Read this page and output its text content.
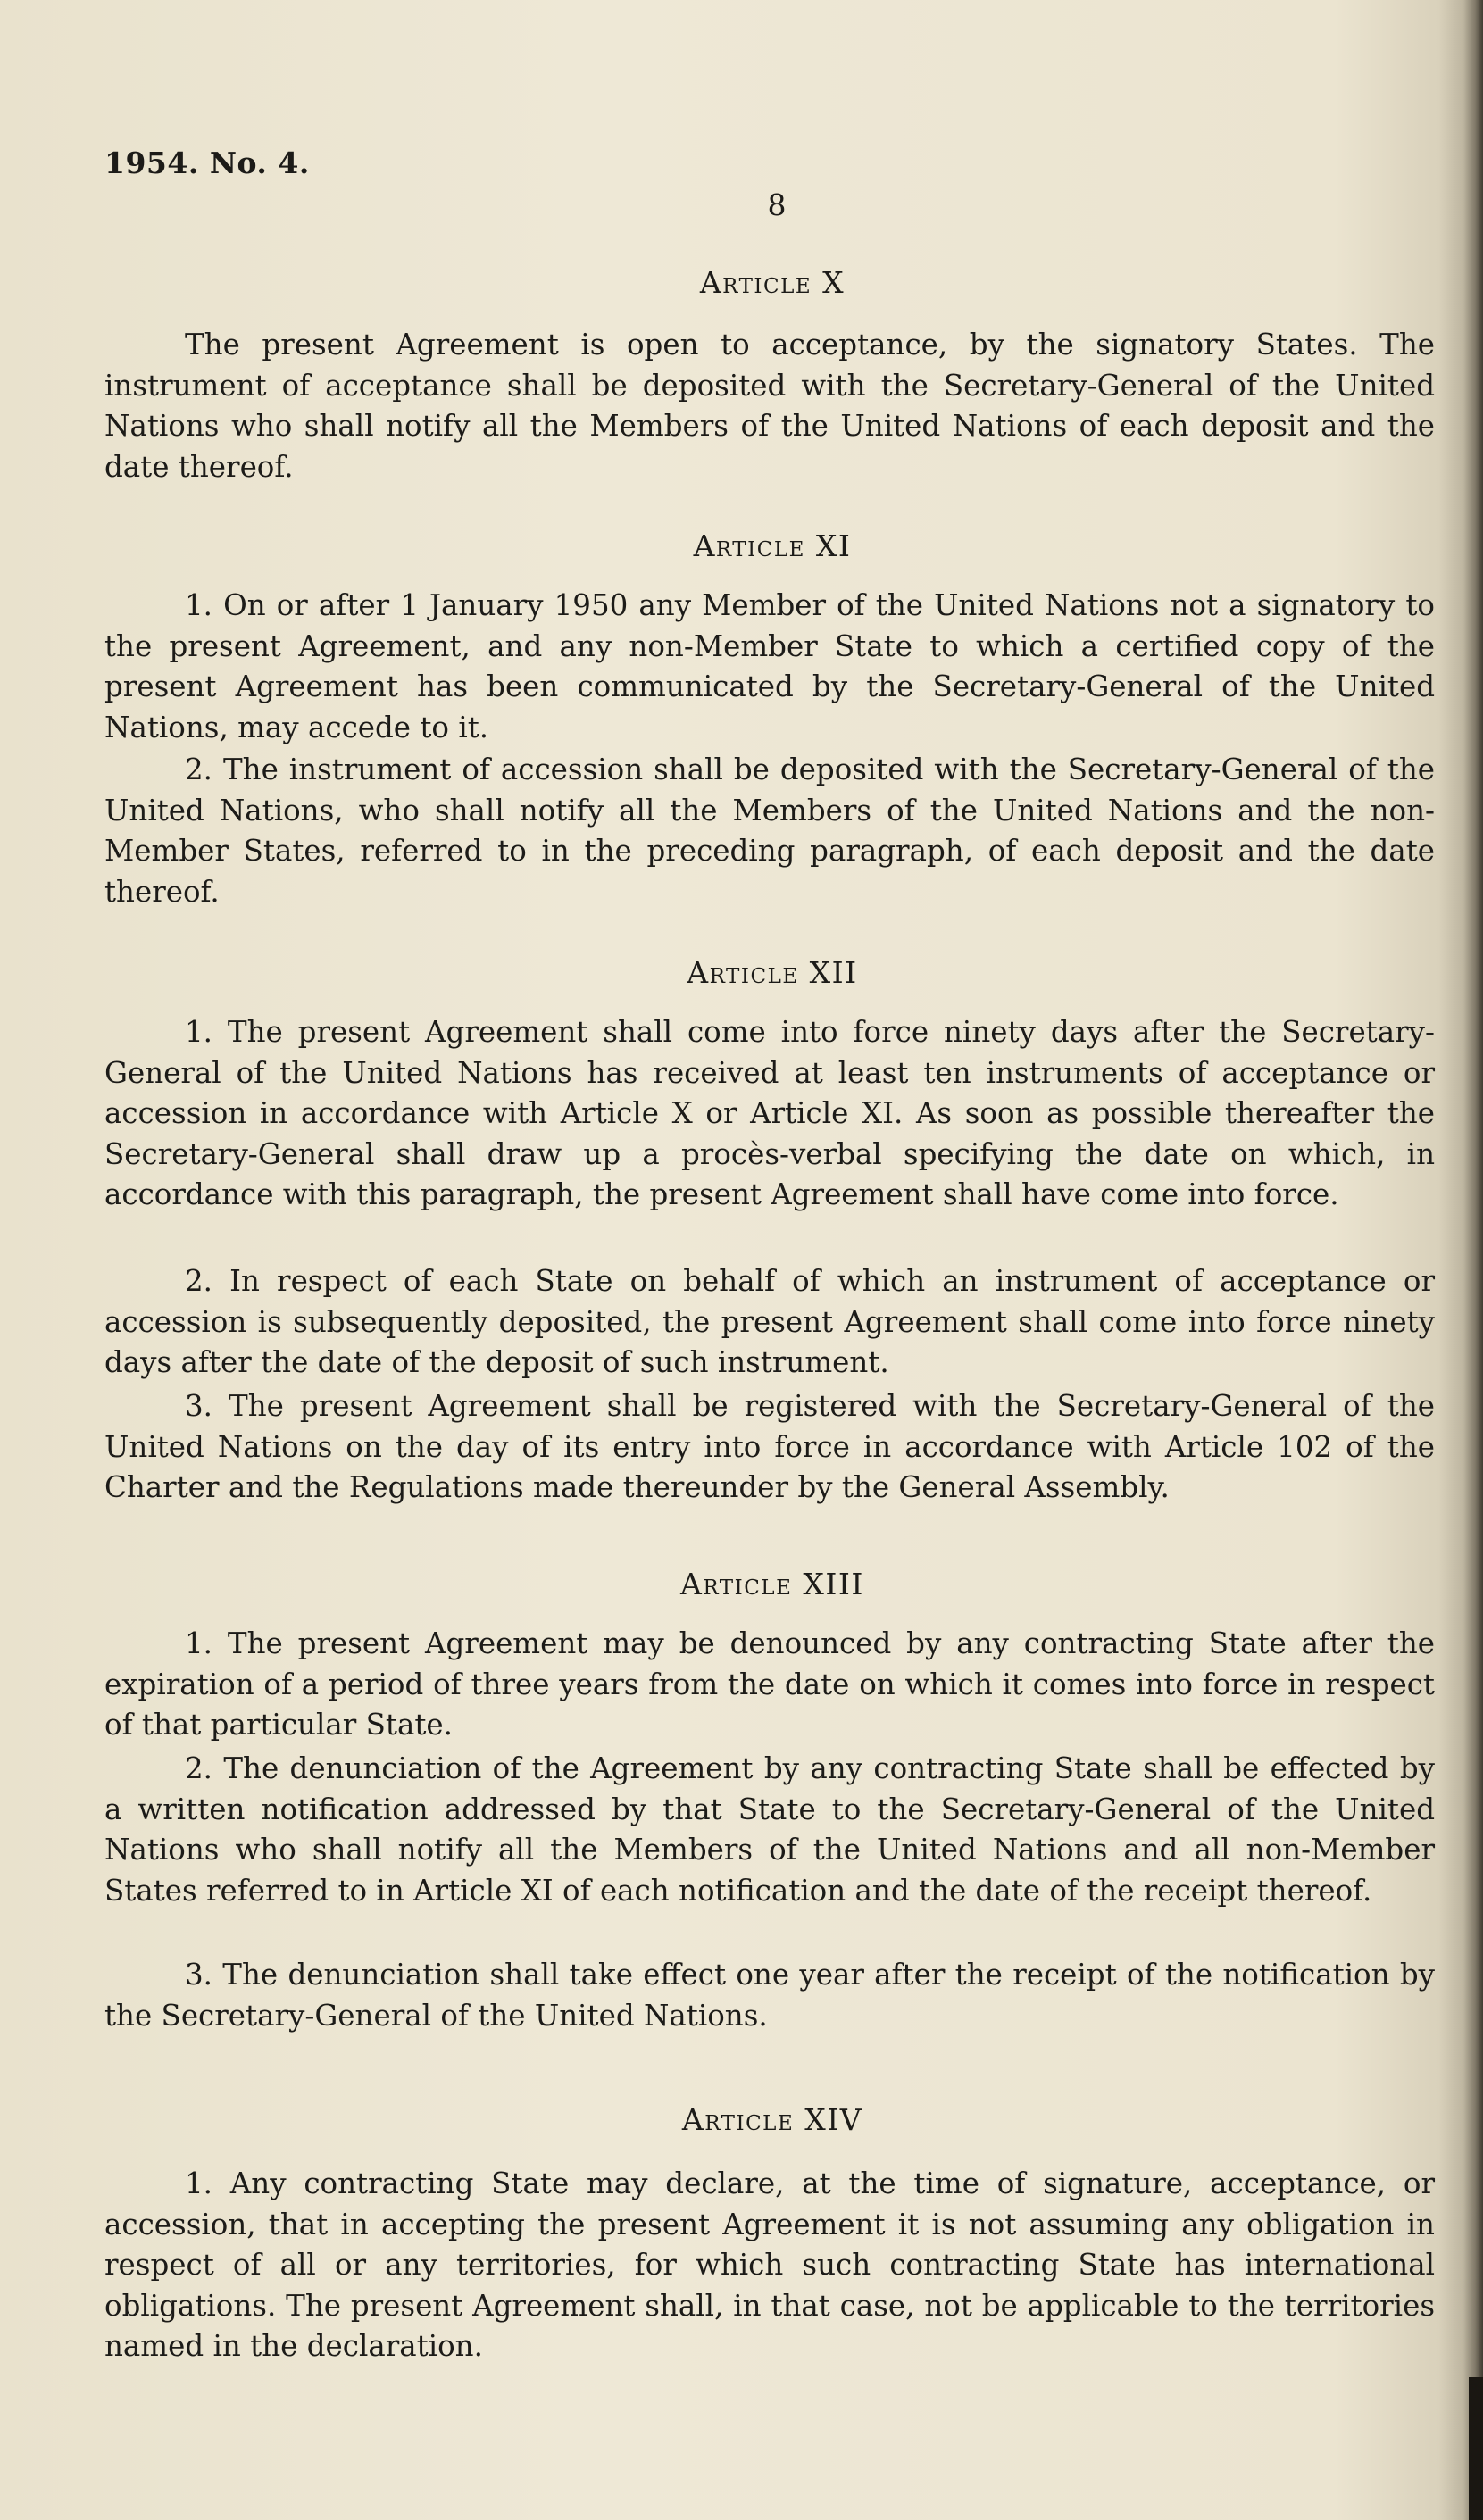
1954. No. 4.
8
Article X
The present Agreement is open to acceptance, by the signatory States. The instrument of acceptance shall be deposited with the Secretary-General of the United Nations who shall notify all the Members of the United Nations of each deposit and the date thereof.
Article XI
1. On or after 1 January 1950 any Member of the United Nations not a signatory to the present Agreement, and any non-Member State to which a certified copy of the present Agreement has been communicated by the Secretary-General of the United Nations, may accede to it.
2. The instrument of accession shall be deposited with the Secretary-General of the United Nations, who shall notify all the Members of the United Nations and the non-Member States, referred to in the preceding paragraph, of each deposit and the date thereof.
Article XII
1. The present Agreement shall come into force ninety days after the Secretary-General of the United Nations has received at least ten instruments of acceptance or accession in accordance with Article X or Article XI. As soon as possible thereafter the Secretary-General shall draw up a procès-verbal specifying the date on which, in accordance with this paragraph, the present Agreement shall have come into force.
2. In respect of each State on behalf of which an instrument of acceptance or accession is subsequently deposited, the present Agreement shall come into force ninety days after the date of the deposit of such instrument.
3. The present Agreement shall be registered with the Secretary-General of the United Nations on the day of its entry into force in accordance with Article 102 of the Charter and the Regulations made thereunder by the General Assembly.
Article XIII
1. The present Agreement may be denounced by any contracting State after the expiration of a period of three years from the date on which it comes into force in respect of that particular State.
2. The denunciation of the Agreement by any contracting State shall be effected by a written notification addressed by that State to the Secretary-General of the United Nations who shall notify all the Members of the United Nations and all non-Member States referred to in Article XI of each notification and the date of the receipt thereof.
3. The denunciation shall take effect one year after the receipt of the notification by the Secretary-General of the United Nations.
Article XIV
1. Any contracting State may declare, at the time of signature, acceptance, or accession, that in accepting the present Agreement it is not assuming any obligation in respect of all or any territories, for which such contracting State has international obligations. The present Agreement shall, in that case, not be applicable to the territories named in the declaration.
